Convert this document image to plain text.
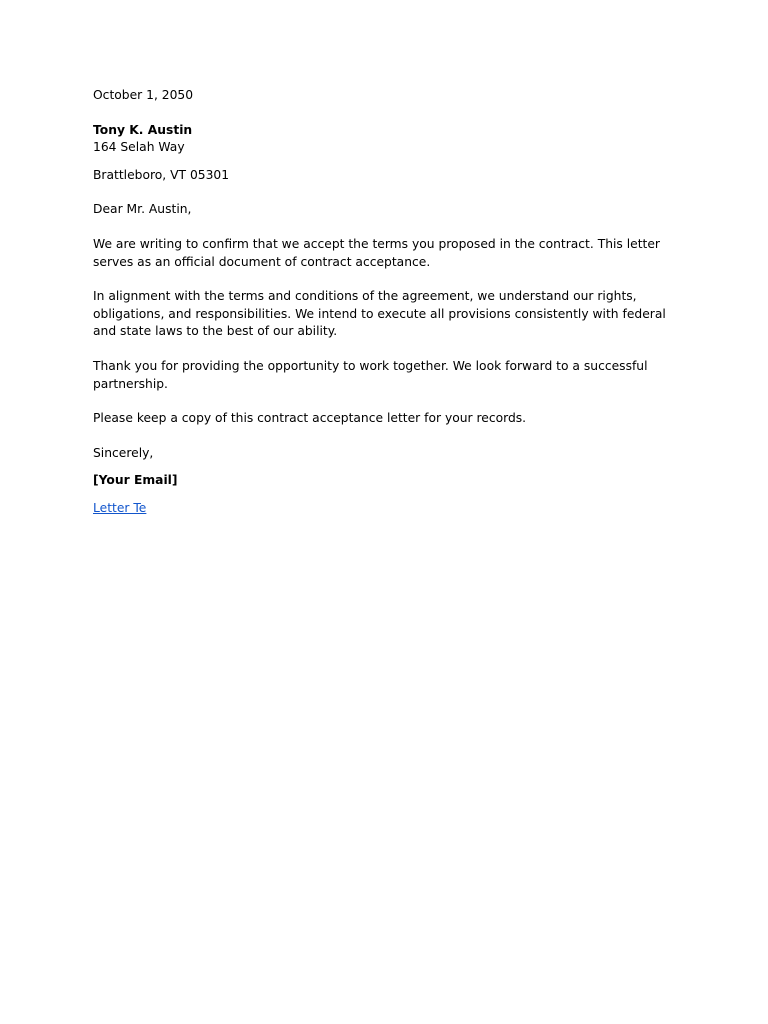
October 1, 2050

Tony K. Austin

164 Selah Way

Brattleboro, VT 05301

Dear Mr. Austin,

We are writing to confirm that we accept the terms you proposed in the contract. This letter serves as an official document of contract acceptance.

In alignment with the terms and conditions of the agreement, we understand our rights, obligations, and responsibilities. We intend to execute all provisions consistently with federal and state laws to the best of our ability.

Thank you for providing the opportunity to work together. We look forward to a successful partnership.

Please keep a copy of this contract acceptance letter for your records.

Sincerely,

[Your Email]

Letter Te
